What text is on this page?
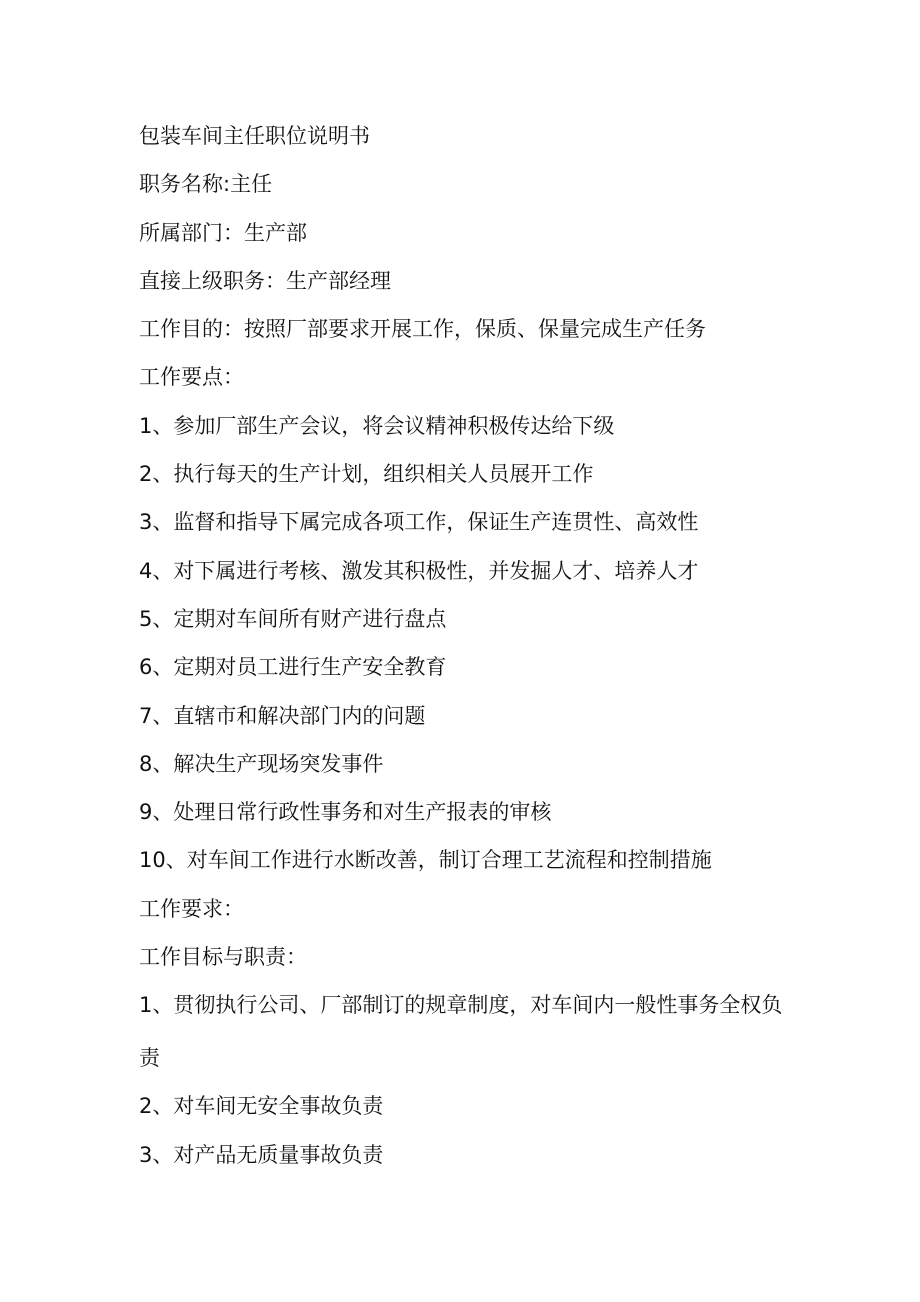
包装车间主任职位说明书

职务名称:主任

所属部门：生产部

直接上级职务：生产部经理

工作目的：按照厂部要求开展工作，保质、保量完成生产任务

工作要点：

1、参加厂部生产会议，将会议精神积极传达给下级

2、执行每天的生产计划，组织相关人员展开工作

3、监督和指导下属完成各项工作，保证生产连贯性、高效性

4、对下属进行考核、激发其积极性，并发掘人才、培养人才

5、定期对车间所有财产进行盘点

6、定期对员工进行生产安全教育

7、直辖市和解决部门内的问题

8、解决生产现场突发事件

9、处理日常行政性事务和对生产报表的审核

10、对车间工作进行水断改善，制订合理工艺流程和控制措施

工作要求：

工作目标与职责：

1、贯彻执行公司、厂部制订的规章制度，对车间内一般性事务全权负责

2、对车间无安全事故负责

3、对产品无质量事故负责
